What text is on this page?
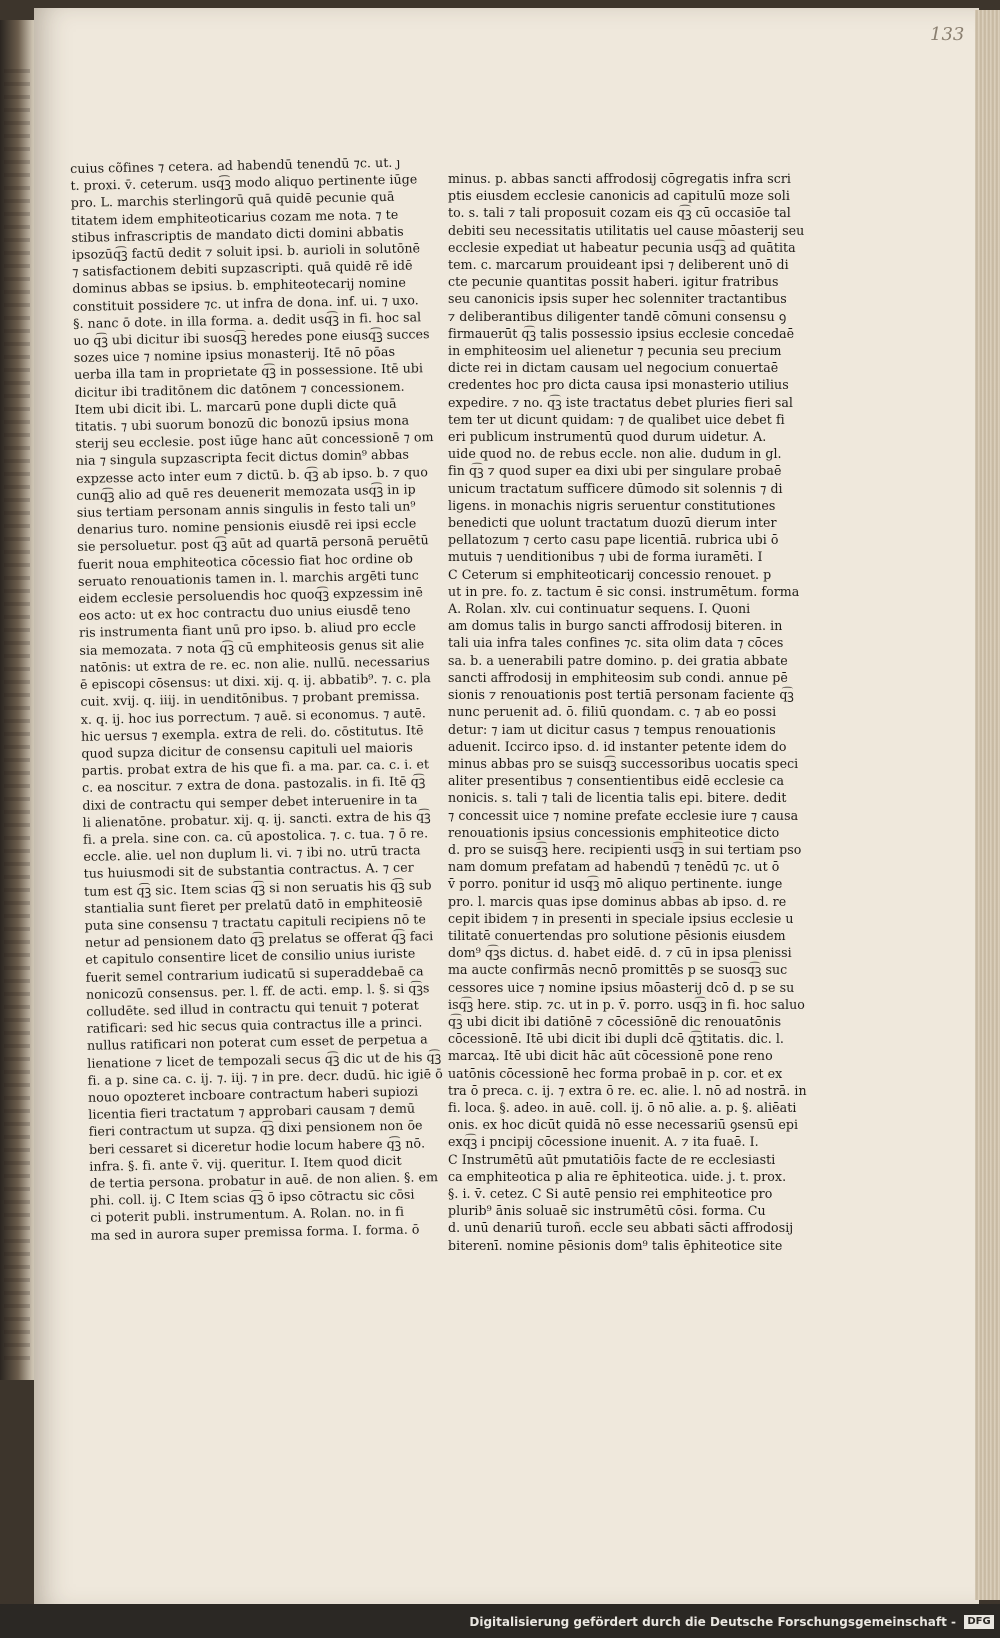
133
cuius cõfines ⁊ cetera. ad habendū tenendū ⁊c. ut. ȷ
t. proxi. v̄. ceterum. usq͡ꝫ modo aliquo pertinente iūge
pro. L. marchis sterlingorū quā quidē pecunie quā
titatem idem emphiteoticarius cozam me nota. ⁊ te
stibus infrascriptis de mandato dicti domini abbatis
ipsozūq͡ꝫ factū dedit ⁊ soluit ipsi. b. aurioli in solutōnē
⁊ satisfactionem debiti supzascripti. quā quidē rē idē
dominus abbas se ipsius. b. emphiteotecarij nomine
constituit possidere ⁊c. ut infra de dona. inf. ui. ⁊ uxo.
§. nanc ō dote. in illa forma. a. dedit usq͡ꝫ in fi. hoc sal
uo q͡ꝫ ubi dicitur ibi suosq͡ꝫ heredes pone eiusq͡ꝫ succes
sozes uice ⁊ nomine ipsius monasterij. Itē nō pōas
uerba illa tam in proprietate q͡ꝫ in possessione. Itē ubi
dicitur ibi traditōnem dic datōnem ⁊ concessionem.
Item ubi dicit ibi. L. marcarū pone dupli dicte quā
titatis. ⁊ ubi suorum bonozū dic bonozū ipsius mona
sterij seu ecclesie. post iūge hanc aūt concessionē ⁊ om
nia ⁊ singula supzascripta fecit dictus domin⁹ abbas
expzesse acto inter eum ⁊ dictū. b. q͡ꝫ ab ipso. b. ⁊ quo
cunq͡ꝫ alio ad quē res deuenerit memozata usq͡ꝫ in ip
sius tertiam personam annis singulis in festo tali un⁹
denarius turo. nomine pensionis eiusdē rei ipsi eccle
sie persoluetur. post q͡ꝫ aūt ad quartā personā peruētū
fuerit noua emphiteotica cōcessio fiat hoc ordine ob
seruato renouationis tamen in. l. marchis argēti tunc
eidem ecclesie persoluendis hoc quoq͡ꝫ expzessim inē
eos acto: ut ex hoc contractu duo unius eiusdē teno
ris instrumenta fiant unū pro ipso. b. aliud pro eccle
sia memozata. ⁊ nota q͡ꝫ cū emphiteosis genus sit alie
natōnis: ut extra de re. ec. non alie. nullū. necessarius
ē episcopi cōsensus: ut dixi. xij. q. ij. abbatib⁹. ⁊. c. pla
cuit. xvij. q. iiij. in uenditōnibus. ⁊ probant premissa.
x. q. ij. hoc ius porrectum. ⁊ auē. si economus. ⁊ autē.
hic uersus ⁊ exempla. extra de reli. do. cōstitutus. Itē
quod supza dicitur de consensu capituli uel maioris
partis. probat extra de his que fi. a ma. par. ca. c. i. et
c. ea noscitur. ⁊ extra de dona. pastozalis. in fi. Itē q͡ꝫ
dixi de contractu qui semper debet interuenire in ta
li alienatōne. probatur. xij. q. ij. sancti. extra de his q͡ꝫ
fi. a prela. sine con. ca. cū apostolica. ⁊. c. tua. ⁊ ō re.
eccle. alie. uel non duplum li. vi. ⁊ ibi no. utrū tracta
tus huiusmodi sit de substantia contractus. A. ⁊ cer
tum est q͡ꝫ sic. Item scias q͡ꝫ si non seruatis his q͡ꝫ sub
stantialia sunt fieret per prelatū datō in emphiteosiē
puta sine consensu ⁊ tractatu capituli recipiens nō te
netur ad pensionem dato q͡ꝫ prelatus se offerat q͡ꝫ faci
et capitulo consentire licet de consilio unius iuriste
fuerit semel contrarium iudicatū si superaddebaē ca
nonicozū consensus. per. l. ff. de acti. emp. l. §. si q͡ꝫs
colludēte. sed illud in contractu qui tenuit ⁊ poterat
ratificari: sed hic secus quia contractus ille a princi.
nullus ratificari non poterat cum esset de perpetua a
lienatione ⁊ licet de tempozali secus q͡ꝫ dic ut de his q͡ꝫ
fi. a p. sine ca. c. ij. ⁊. iij. ⁊ in pre. decr. dudū. hic igiē ō
nouo opozteret incboare contractum haberi supiozi
licentia fieri tractatum ⁊ approbari causam ⁊ demū
fieri contractum ut supza. q͡ꝫ dixi pensionem non ōe
beri cessaret si diceretur hodie locum habere q͡ꝫ nō.
infra. §. fi. ante v̄. vij. queritur. I. Item quod dicit
de tertia persona. probatur in auē. de non alien. §. em
phi. coll. ij. C Item scias q͡ꝫ ō ipso cōtractu sic cōsi
ci poterit publi. instrumentum. A. Rolan. no. in fi
ma sed in aurora super premissa forma. I. forma. ō
minus. p. abbas sancti affrodosij cōgregatis infra scri
ptis eiusdem ecclesie canonicis ad capitulū moze soli
to. s. tali ⁊ tali proposuit cozam eis q͡ꝫ cū occasiōe tal
debiti seu necessitatis utilitatis uel cause mōasterij seu
ecclesie expediat ut habeatur pecunia usq͡ꝫ ad quātita
tem. c. marcarum prouideant ipsi ⁊ deliberent unō di
cte pecunie quantitas possit haberi. igitur fratribus
seu canonicis ipsis super hec solenniter tractantibus
⁊ deliberantibus diligenter tandē cōmuni consensu ꝯ
firmauerūt q͡ꝫ talis possessio ipsius ecclesie concedaē
in emphiteosim uel alienetur ⁊ pecunia seu precium
dicte rei in dictam causam uel negocium conuertaē
credentes hoc pro dicta causa ipsi monasterio utilius
expedire. ⁊ no. q͡ꝫ iste tractatus debet pluries fieri sal
tem ter ut dicunt quidam: ⁊ de qualibet uice debet fi
eri publicum instrumentū quod durum uidetur. A.
uide quod no. de rebus eccle. non alie. dudum in gl.
fin q͡ꝫ ⁊ quod super ea dixi ubi per singulare probaē
unicum tractatum sufficere dūmodo sit solennis ⁊ di
ligens. in monachis nigris seruentur constitutiones
benedicti que uolunt tractatum duozū dierum inter
pellatozum ⁊ certo casu pape licentiā. rubrica ubi ō
mutuis ⁊ uenditionibus ⁊ ubi de forma iuramēti. I
C Ceterum si emphiteoticarij concessio renouet. p
ut in pre. fo. z. tactum ē sic consi. instrumētum. forma
A. Rolan. xlv. cui continuatur sequens. I. Quoni
am domus talis in burgo sancti affrodosij biteren. in
tali uia infra tales confines ⁊c. sita olim data ⁊ cōces
sa. b. a uenerabili patre domino. p. dei gratia abbate
sancti affrodosij in emphiteosim sub condi. annue pē
sionis ⁊ renouationis post tertiā personam faciente q͡ꝫ
nunc peruenit ad. ō. filiū quondam. c. ⁊ ab eo possi
detur: ⁊ iam ut dicitur casus ⁊ tempus renouationis
aduenit. Iccirco ipso. d. id instanter petente idem do
minus abbas pro se suisq͡ꝫ successoribus uocatis speci
aliter presentibus ⁊ consentientibus eidē ecclesie ca
nonicis. s. tali ⁊ tali de licentia talis epi. bitere. dedit
⁊ concessit uice ⁊ nomine prefate ecclesie iure ⁊ causa
renouationis ipsius concessionis emphiteotice dicto
d. pro se suisq͡ꝫ here. recipienti usq͡ꝫ in sui tertiam pso
nam domum prefatam ad habendū ⁊ tenēdū ⁊c. ut ō
v̄ porro. ponitur id usq͡ꝫ mō aliquo pertinente. iunge
pro. l. marcis quas ipse dominus abbas ab ipso. d. re
cepit ibidem ⁊ in presenti in speciale ipsius ecclesie u
tilitatē conuertendas pro solutione pēsionis eiusdem
dom⁹ q͡ꝫs dictus. d. habet eidē. d. ⁊ cū in ipsa plenissi
ma aucte confirmās necnō promittēs p se suosq͡ꝫ suc
cessores uice ⁊ nomine ipsius mōasterij dcō d. p se su
isq͡ꝫ here. stip. ⁊c. ut in p. v̄. porro. usq͡ꝫ in fi. hoc saluo
q͡ꝫ ubi dicit ibi datiōnē ⁊ cōcessiōnē dic renouatōnis
cōcessionē. Itē ubi dicit ibi dupli dcē q͡ꝫtitatis. dic. l.
marcaꝝ. Itē ubi dicit hāc aūt cōcessionē pone reno
uatōnis cōcessionē hec forma probaē in p. cor. et ex
tra ō preca. c. ij. ⁊ extra ō re. ec. alie. l. nō ad nostrā. in
fi. loca. §. adeo. in auē. coll. ij. ō nō alie. a. p. §. aliēati
onis. ex hoc dicūt quidā nō esse necessariū ꝯsensū epi
exq͡ꝫ i pncipij cōcessione inuenit. A. ⁊ ita fuaē. I.
C Instrumētū aūt pmutatiōis facte de re ecclesiasti
ca emphiteotica p alia re ēphiteotica. uide. j. t. prox.
§. i. v̄. cetez. C Si autē pensio rei emphiteotice pro
plurib⁹ ānis soluaē sic instrumētū cōsi. forma. Cu
d. unū denariū turoñ. eccle seu abbati sācti affrodosij
biterenī. nomine pēsionis dom⁹ talis ēphiteotice site
Digitalisierung gefördert durch die Deutsche Forschungsgemeinschaft -	DFG
